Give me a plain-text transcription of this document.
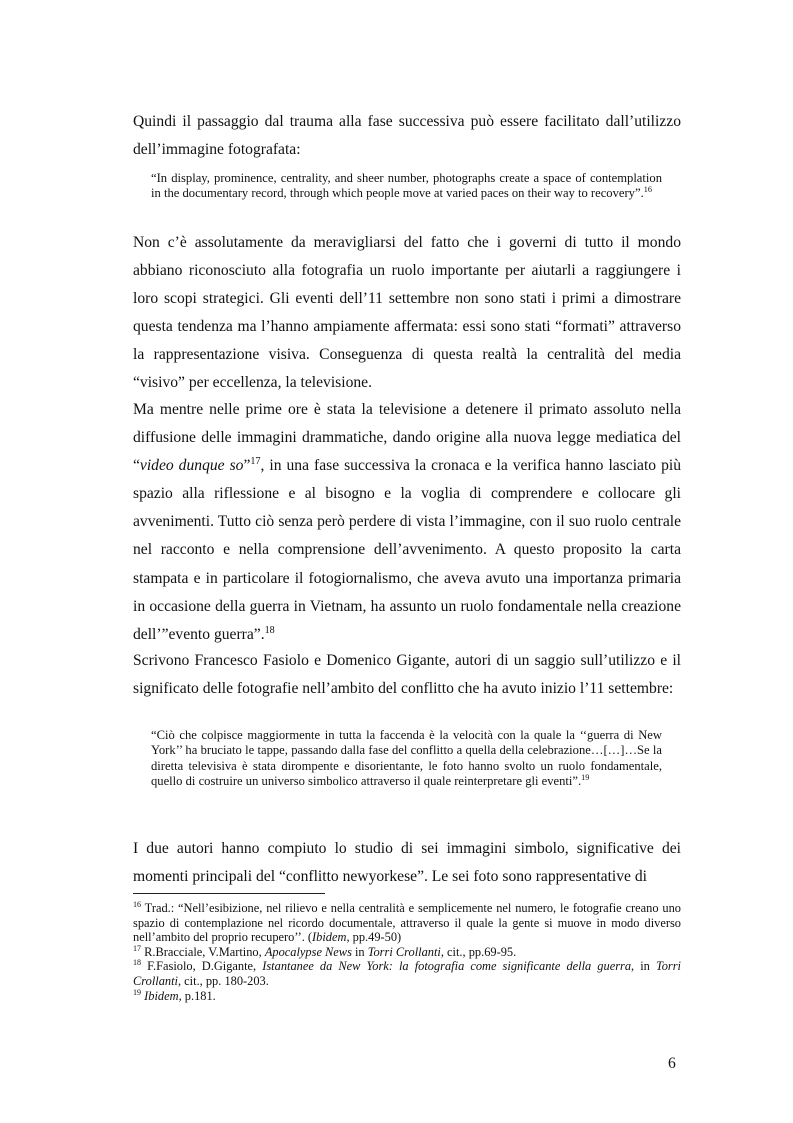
Quindi il passaggio dal trauma alla fase successiva può essere facilitato dall’utilizzo dell’immagine fotografata:

“In display, prominence, centrality, and sheer number, photographs create a space of contemplation in the documentary record, through which people move at varied paces on their way to recovery”.$^{16}$

Non c’è assolutamente da meravigliarsi del fatto che i governi di tutto il mondo abbiano riconosciuto alla fotografia un ruolo importante per aiutarli a raggiungere i loro scopi strategici. Gli eventi dell’11 settembre non sono stati i primi a dimostrare questa tendenza ma l’hanno ampiamente affermata: essi sono stati “formati” attraverso la rappresentazione visiva. Conseguenza di questa realtà la centralità del media “visivo” per eccellenza, la televisione.

Ma mentre nelle prime ore è stata la televisione a detenere il primato assoluto nella diffusione delle immagini drammatiche, dando origine alla nuova legge mediatica del “video dunque so”$^{17}$, in una fase successiva la cronaca e la verifica hanno lasciato più spazio alla riflessione e al bisogno e la voglia di comprendere e collocare gli avvenimenti. Tutto ciò senza però perdere di vista l’immagine, con il suo ruolo centrale nel racconto e nella comprensione dell’avvenimento. A questo proposito la carta stampata e in particolare il fotogiornalismo, che aveva avuto una importanza primaria in occasione della guerra in Vietnam, ha assunto un ruolo fondamentale nella creazione dell’”evento guerra”.$^{18}$

Scrivono Francesco Fasiolo e Domenico Gigante, autori di un saggio sull’utilizzo e il significato delle fotografie nell’ambito del conflitto che ha avuto inizio l’11 settembre:

“Ciò che colpisce maggiormente in tutta la faccenda è la velocità con la quale la ‘‘guerra di New York’’ ha bruciato le tappe, passando dalla fase del conflitto a quella della celebrazione…[…]…Se la diretta televisiva è stata dirompente e disorientante, le foto hanno svolto un ruolo fondamentale, quello di costruire un universo simbolico attraverso il quale reinterpretare gli eventi”.$^{19}$

I due autori hanno compiuto lo studio di sei immagini simbolo, significative dei momenti principali del “conflitto newyorkese”. Le sei foto sono rappresentative di

$^{16}$ Trad.: “Nell’esibizione, nel rilievo e nella centralità e semplicemente nel numero, le fotografie creano uno spazio di contemplazione nel ricordo documentale, attraverso il quale la gente si muove in modo diverso nell’ambito del proprio recupero’’. (Ibidem, pp.49-50)

$^{17}$ R.Bracciale, V.Martino, Apocalypse News in Torri Crollanti, cit., pp.69-95.

$^{18}$ F.Fasiolo, D.Gigante, Istantanee da New York: la fotografia come significante della guerra, in Torri Crollanti, cit., pp. 180-203.

$^{19}$ Ibidem, p.181.

6
